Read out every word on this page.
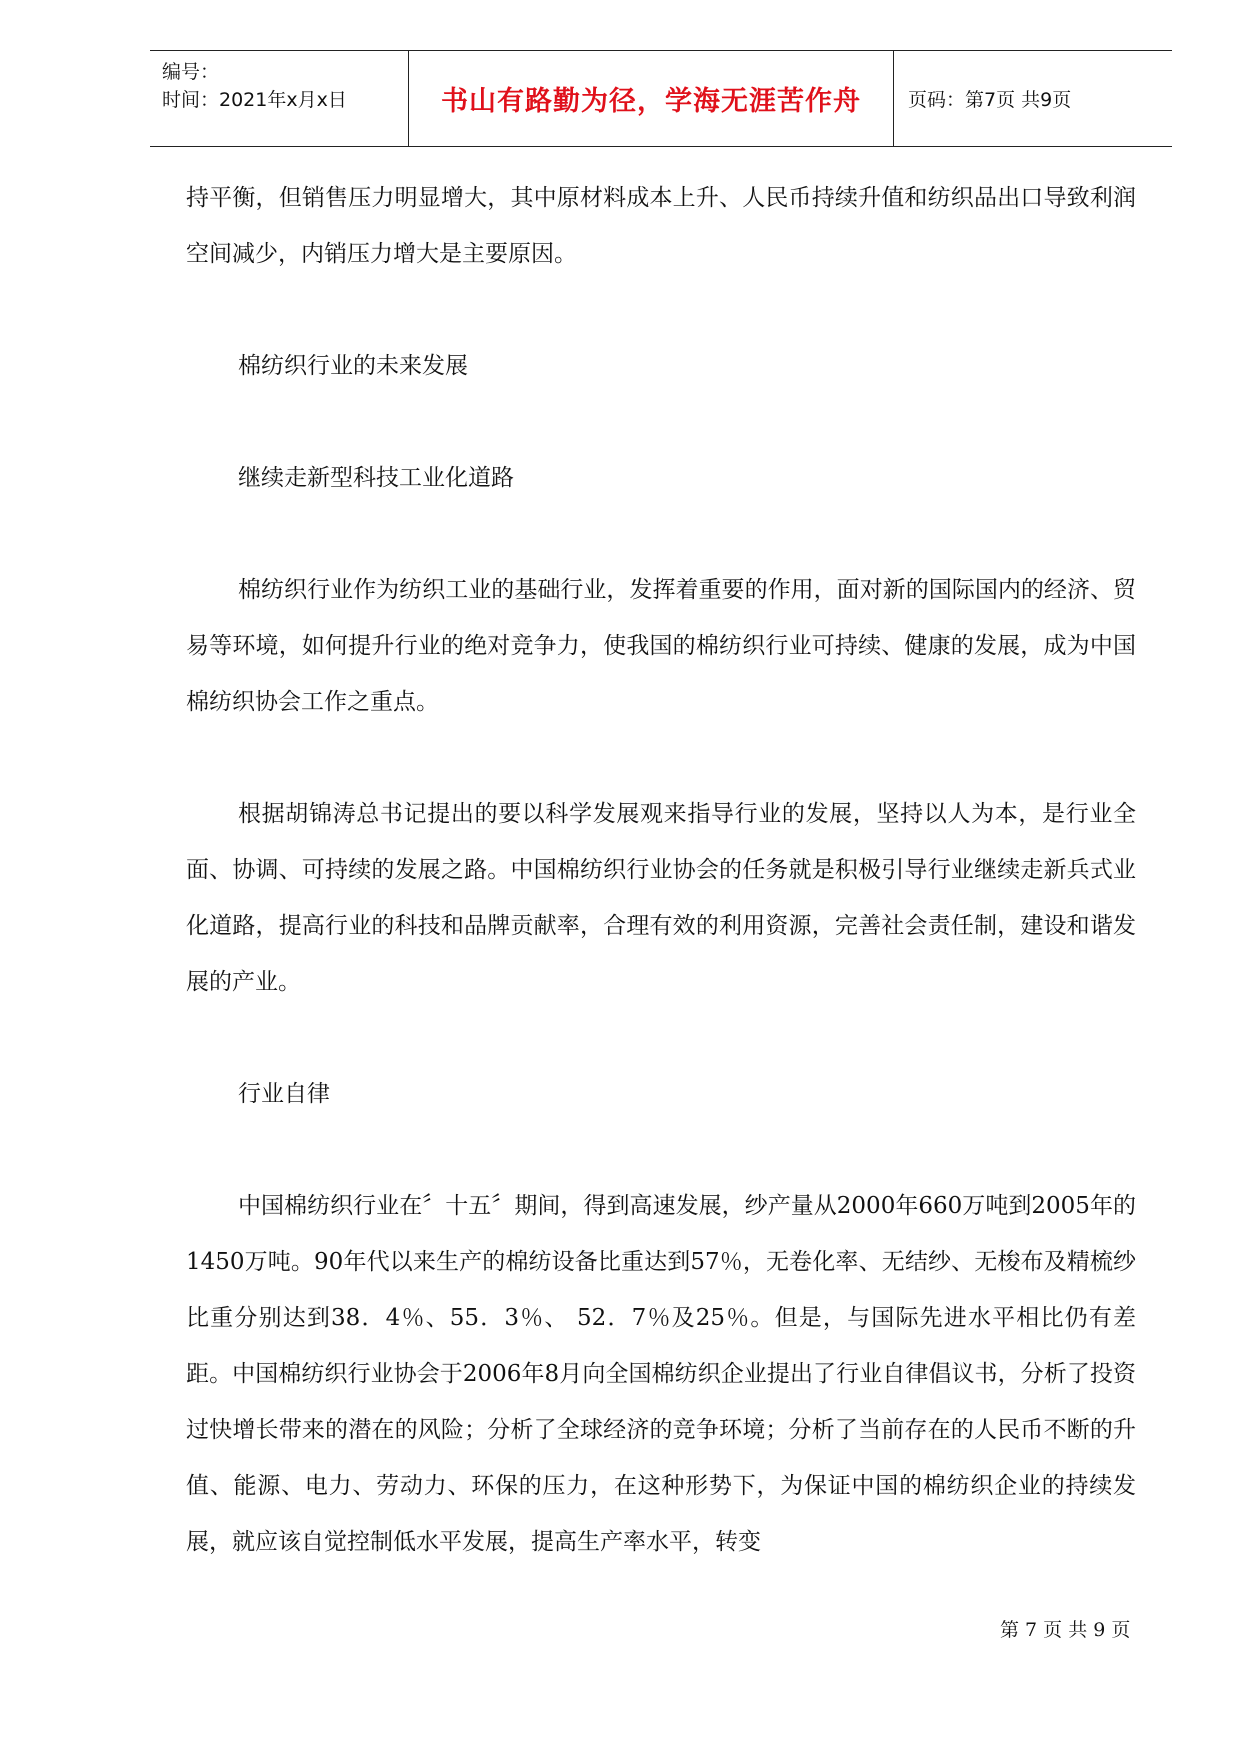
编号：
时间：2021年x月x日	书山有路勤为径，学海无涯苦作舟	页码：第7页 共9页

持平衡，但销售压力明显增大，其中原材料成本上升、人民币持续升值和纺织品出口导致利润空间减少，内销压力增大是主要原因。

棉纺织行业的未来发展

继续走新型科技工业化道路

棉纺织行业作为纺织工业的基础行业，发挥着重要的作用，面对新的国际国内的经济、贸易等环境，如何提升行业的绝对竞争力，使我国的棉纺织行业可持续、健康的发展，成为中国棉纺织协会工作之重点。

根据胡锦涛总书记提出的要以科学发展观来指导行业的发展，坚持以人为本，是行业全面、协调、可持续的发展之路。中国棉纺织行业协会的任务就是积极引导行业继续走新兵式业化道路，提高行业的科技和品牌贡献率，合理有效的利用资源，完善社会责任制，建设和谐发展的产业。

行业自律

中国棉纺织行业在〞十五〞期间，得到高速发展，纱产量从2000年660万吨到2005年的1450万吨。90年代以来生产的棉纺设备比重达到57％，无卷化率、无结纱、无梭布及精梳纱比重分别达到38．4％、55．3％、 52．7％及25％。但是，与国际先进水平相比仍有差距。中国棉纺织行业协会于2006年8月向全国棉纺织企业提出了行业自律倡议书，分析了投资过快增长带来的潜在的风险；分析了全球经济的竞争环境；分析了当前存在的人民币不断的升值、能源、电力、劳动力、环保的压力，在这种形势下，为保证中国的棉纺织企业的持续发展，就应该自觉控制低水平发展，提高生产率水平，转变

第 7 页 共 9 页
